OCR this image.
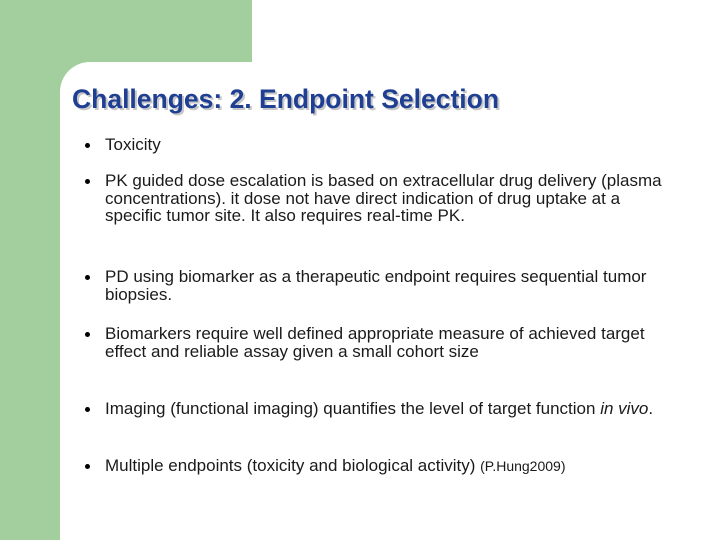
Challenges: 2. Endpoint Selection
Toxicity
PK guided dose escalation is based on extracellular drug delivery (plasma concentrations). it dose not have direct indication of drug uptake at a specific tumor site. It also requires real-time PK.
PD using biomarker as a therapeutic endpoint requires sequential tumor biopsies.
Biomarkers require well defined appropriate measure of achieved target effect and reliable assay given a small cohort size
Imaging (functional imaging) quantifies the level of target function in vivo.
Multiple endpoints (toxicity and biological activity) (P.Hung2009)
